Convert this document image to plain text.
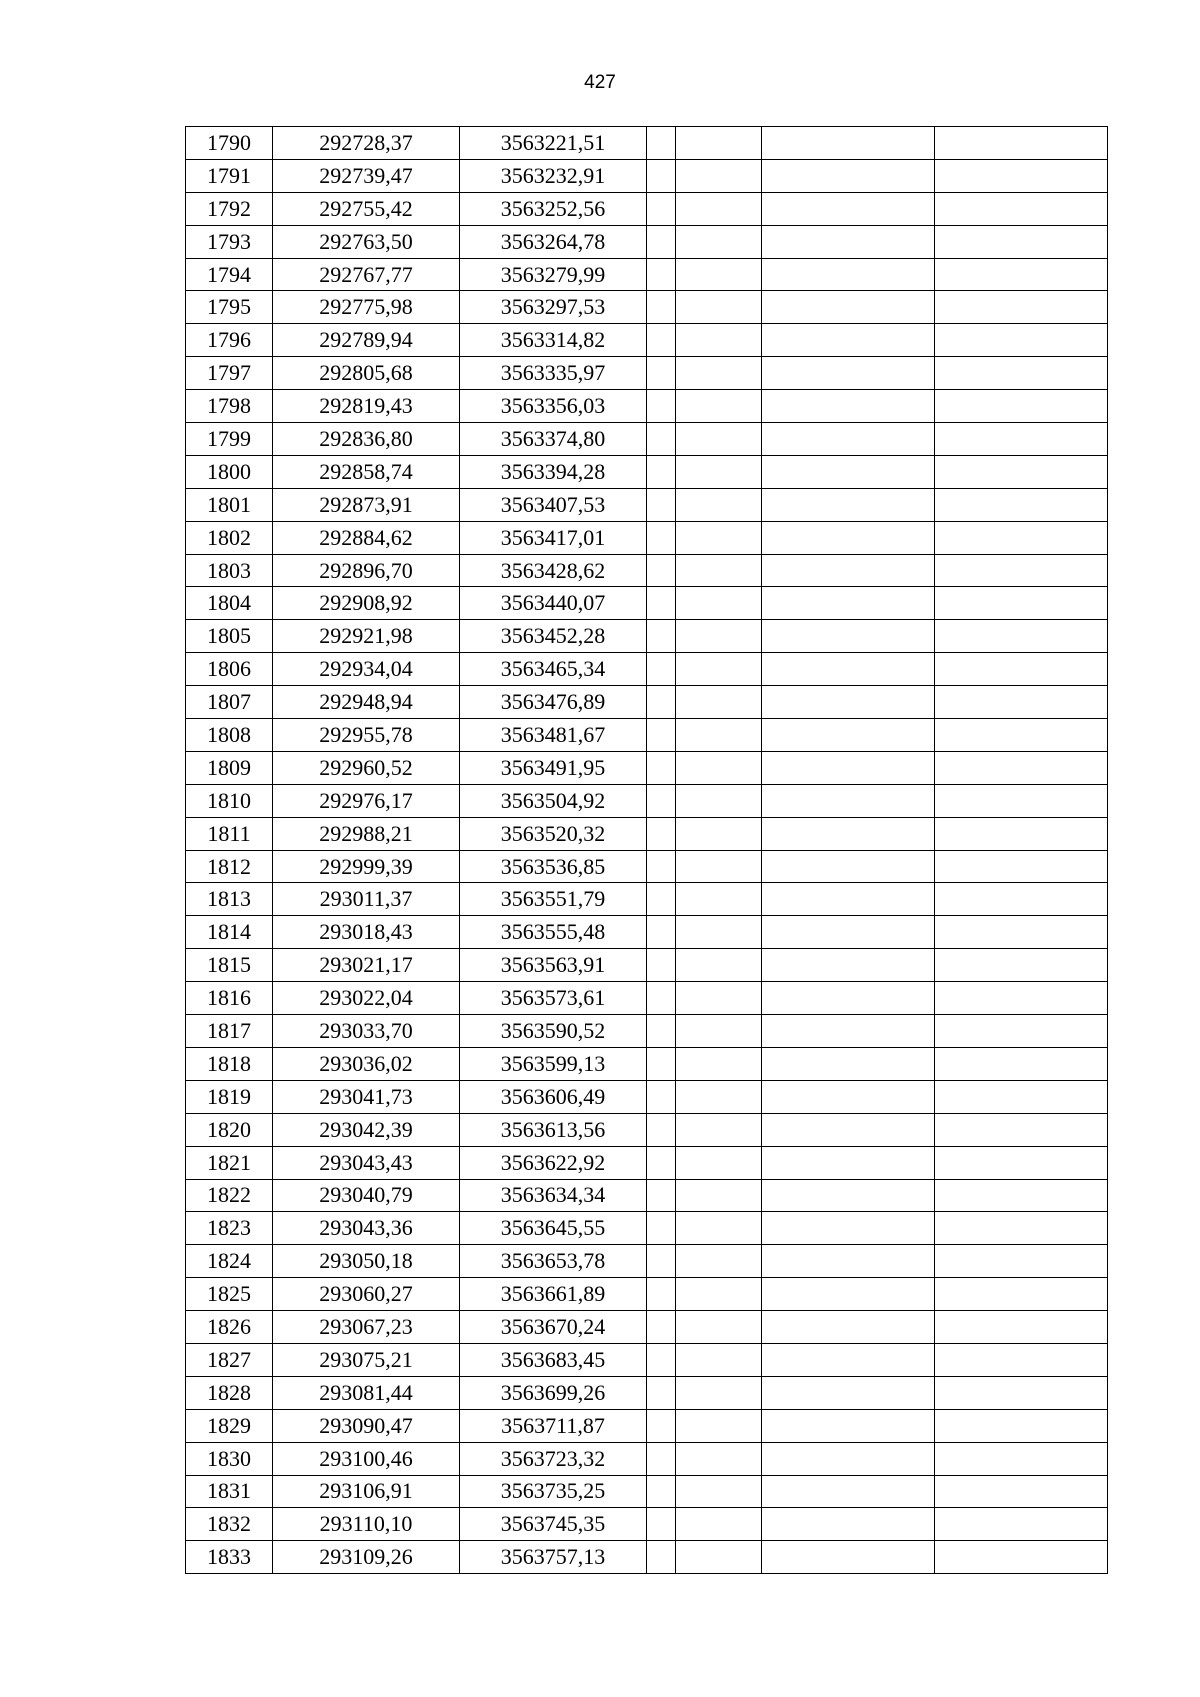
427
1790	292728,37	3563221,51				
1791	292739,47	3563232,91				
1792	292755,42	3563252,56				
1793	292763,50	3563264,78				
1794	292767,77	3563279,99				
1795	292775,98	3563297,53				
1796	292789,94	3563314,82				
1797	292805,68	3563335,97				
1798	292819,43	3563356,03				
1799	292836,80	3563374,80				
1800	292858,74	3563394,28				
1801	292873,91	3563407,53				
1802	292884,62	3563417,01				
1803	292896,70	3563428,62				
1804	292908,92	3563440,07				
1805	292921,98	3563452,28				
1806	292934,04	3563465,34				
1807	292948,94	3563476,89				
1808	292955,78	3563481,67				
1809	292960,52	3563491,95				
1810	292976,17	3563504,92				
1811	292988,21	3563520,32				
1812	292999,39	3563536,85				
1813	293011,37	3563551,79				
1814	293018,43	3563555,48				
1815	293021,17	3563563,91				
1816	293022,04	3563573,61				
1817	293033,70	3563590,52				
1818	293036,02	3563599,13				
1819	293041,73	3563606,49				
1820	293042,39	3563613,56				
1821	293043,43	3563622,92				
1822	293040,79	3563634,34				
1823	293043,36	3563645,55				
1824	293050,18	3563653,78				
1825	293060,27	3563661,89				
1826	293067,23	3563670,24				
1827	293075,21	3563683,45				
1828	293081,44	3563699,26				
1829	293090,47	3563711,87				
1830	293100,46	3563723,32				
1831	293106,91	3563735,25				
1832	293110,10	3563745,35				
1833	293109,26	3563757,13				
